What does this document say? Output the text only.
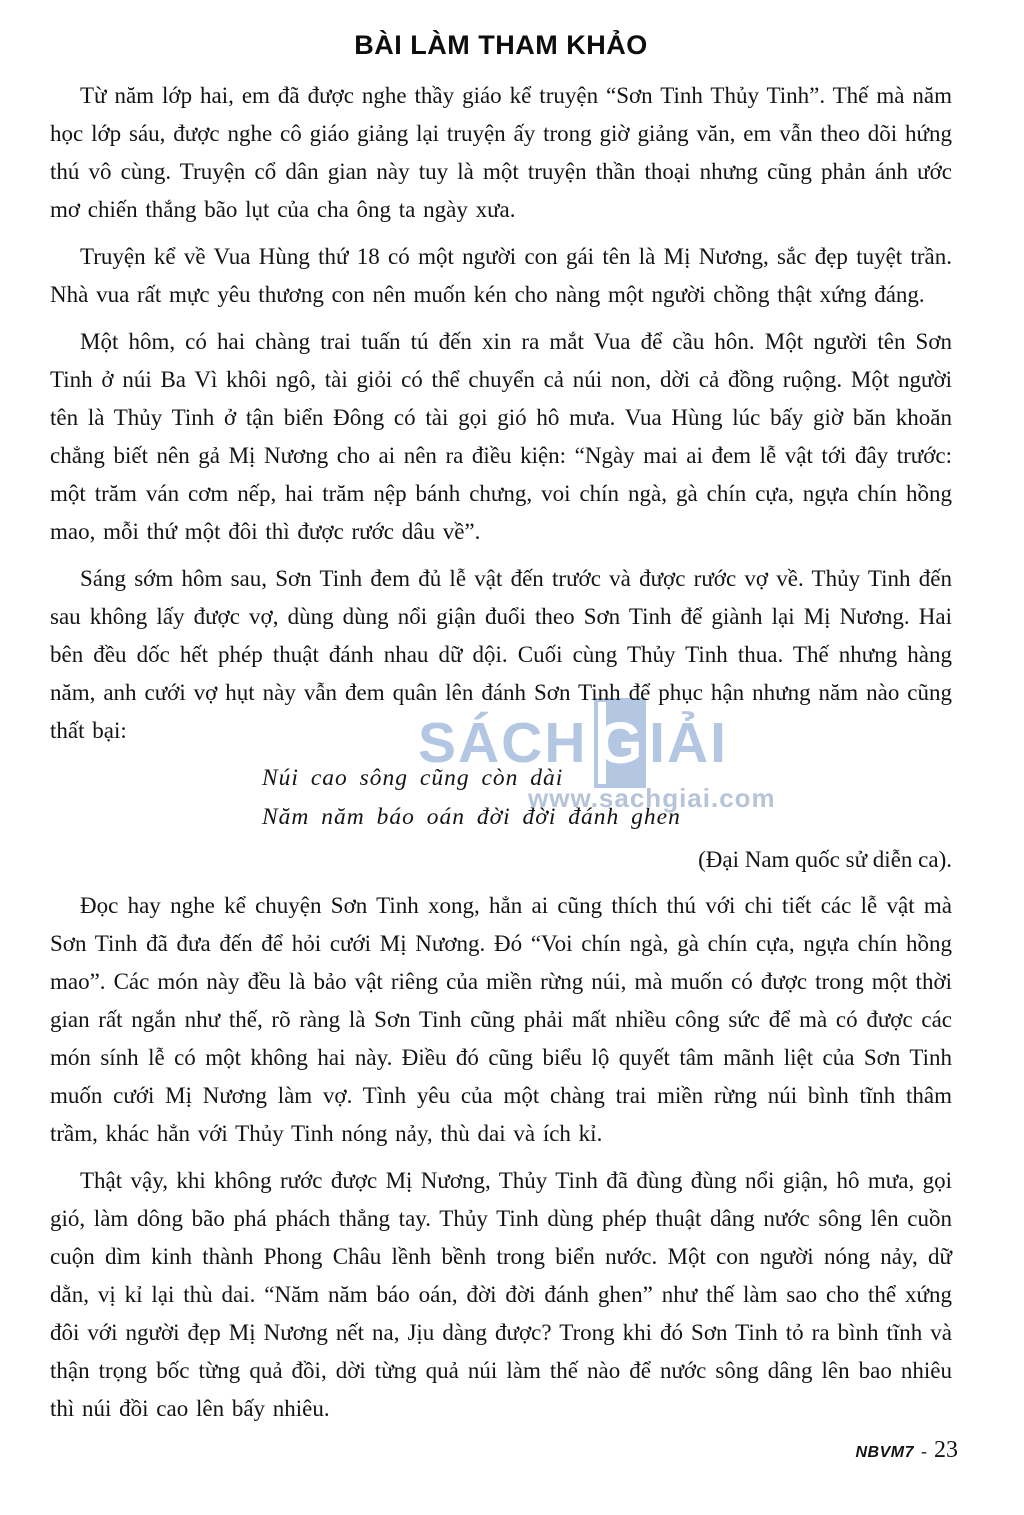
SÁCH G IẢI
www.sachgiai.com
BÀI LÀM THAM KHẢO

Từ năm lớp hai, em đã được nghe thầy giáo kể truyện “Sơn Tinh Thủy Tinh”. Thế mà năm học lớp sáu, được nghe cô giáo giảng lại truyện ấy trong giờ giảng văn, em vẫn theo dõi hứng thú vô cùng. Truyện cổ dân gian này tuy là một truyện thần thoại nhưng cũng phản ánh ước mơ chiến thắng bão lụt của cha ông ta ngày xưa.

Truyện kể về Vua Hùng thứ 18 có một người con gái tên là Mị Nương, sắc đẹp tuyệt trần. Nhà vua rất mực yêu thương con nên muốn kén cho nàng một người chồng thật xứng đáng.

Một hôm, có hai chàng trai tuấn tú đến xin ra mắt Vua để cầu hôn. Một người tên Sơn Tinh ở núi Ba Vì khôi ngô, tài giỏi có thể chuyển cả núi non, dời cả đồng ruộng. Một người tên là Thủy Tinh ở tận biển Đông có tài gọi gió hô mưa. Vua Hùng lúc bấy giờ băn khoăn chẳng biết nên gả Mị Nương cho ai nên ra điều kiện: “Ngày mai ai đem lễ vật tới đây trước: một trăm ván cơm nếp, hai trăm nệp bánh chưng, voi chín ngà, gà chín cựa, ngựa chín hồng mao, mỗi thứ một đôi thì được rước dâu về”.

Sáng sớm hôm sau, Sơn Tinh đem đủ lễ vật đến trước và được rước vợ về. Thủy Tinh đến sau không lấy được vợ, dùng dùng nổi giận đuổi theo Sơn Tinh để giành lại Mị Nương. Hai bên đều dốc hết phép thuật đánh nhau dữ dội. Cuối cùng Thủy Tinh thua. Thế nhưng hàng năm, anh cưới vợ hụt này vẫn đem quân lên đánh Sơn Tinh để phục hận nhưng năm nào cũng thất bại:

Núi cao sông cũng còn dài
Năm năm báo oán đời đời đánh ghen
(Đại Nam quốc sử diễn ca).

Đọc hay nghe kể chuyện Sơn Tinh xong, hẳn ai cũng thích thú với chi tiết các lễ vật mà Sơn Tinh đã đưa đến để hỏi cưới Mị Nương. Đó “Voi chín ngà, gà chín cựa, ngựa chín hồng mao”. Các món này đều là bảo vật riêng của miền rừng núi, mà muốn có được trong một thời gian rất ngắn như thế, rõ ràng là Sơn Tinh cũng phải mất nhiều công sức để mà có được các món sính lễ có một không hai này. Điều đó cũng biểu lộ quyết tâm mãnh liệt của Sơn Tinh muốn cưới Mị Nương làm vợ. Tình yêu của một chàng trai miền rừng núi bình tĩnh thâm trầm, khác hẳn với Thủy Tinh nóng nảy, thù dai và ích kỉ.

Thật vậy, khi không rước được Mị Nương, Thủy Tinh đã đùng đùng nổi giận, hô mưa, gọi gió, làm dông bão phá phách thẳng tay. Thủy Tinh dùng phép thuật dâng nước sông lên cuồn cuộn dìm kinh thành Phong Châu lềnh bềnh trong biển nước. Một con người nóng nảy, dữ dằn, vị kỉ lại thù dai. “Năm năm báo oán, đời đời đánh ghen” như thế làm sao cho thể xứng đôi với người đẹp Mị Nương nết na, Jịu dàng được? Trong khi đó Sơn Tinh tỏ ra bình tĩnh và thận trọng bốc từng quả đồi, dời từng quả núi làm thế nào để nước sông dâng lên bao nhiêu thì núi đồi cao lên bấy nhiêu.

NBVM7 - 23
